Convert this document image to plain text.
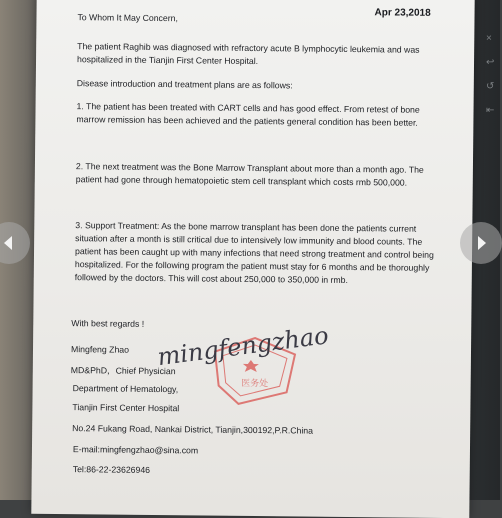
×
↩
↺
⇤
Apr 23,2018
To Whom It May Concern,
The patient Raghib was diagnosed with refractory acute B lymphocytic leukemia and was hospitalized in the Tianjin First Center Hospital.
Disease introduction and treatment plans are as follows:
1. The patient has been treated with CART cells and has good effect. From retest of bone marrow remission has been achieved and the patients general condition has been better.
2. The next treatment was the Bone Marrow Transplant about more than a month ago. The patient had gone through hematopoietic stem cell transplant which costs rmb 500,000.
3. Support Treatment: As the bone marrow transplant has been done the patients current situation after a month is still critical due to intensively low immunity and blood counts. The patient has been caught up with many infections that need strong treatment and control being hospitalized. For the following program the patient must stay for 6 months and be thoroughly followed by the doctors. This will cost about 250,000 to 350,000 in rmb.
With best regards !
医务处
mingfengzhao
Mingfeng Zhao
MD&PhD，Chief Physician
Department of Hematology,
Tianjin First Center Hospital
No.24 Fukang Road, Nankai District, Tianjin,300192,P.R.China
E-mail:mingfengzhao@sina.com
Tel:86-22-23626946
